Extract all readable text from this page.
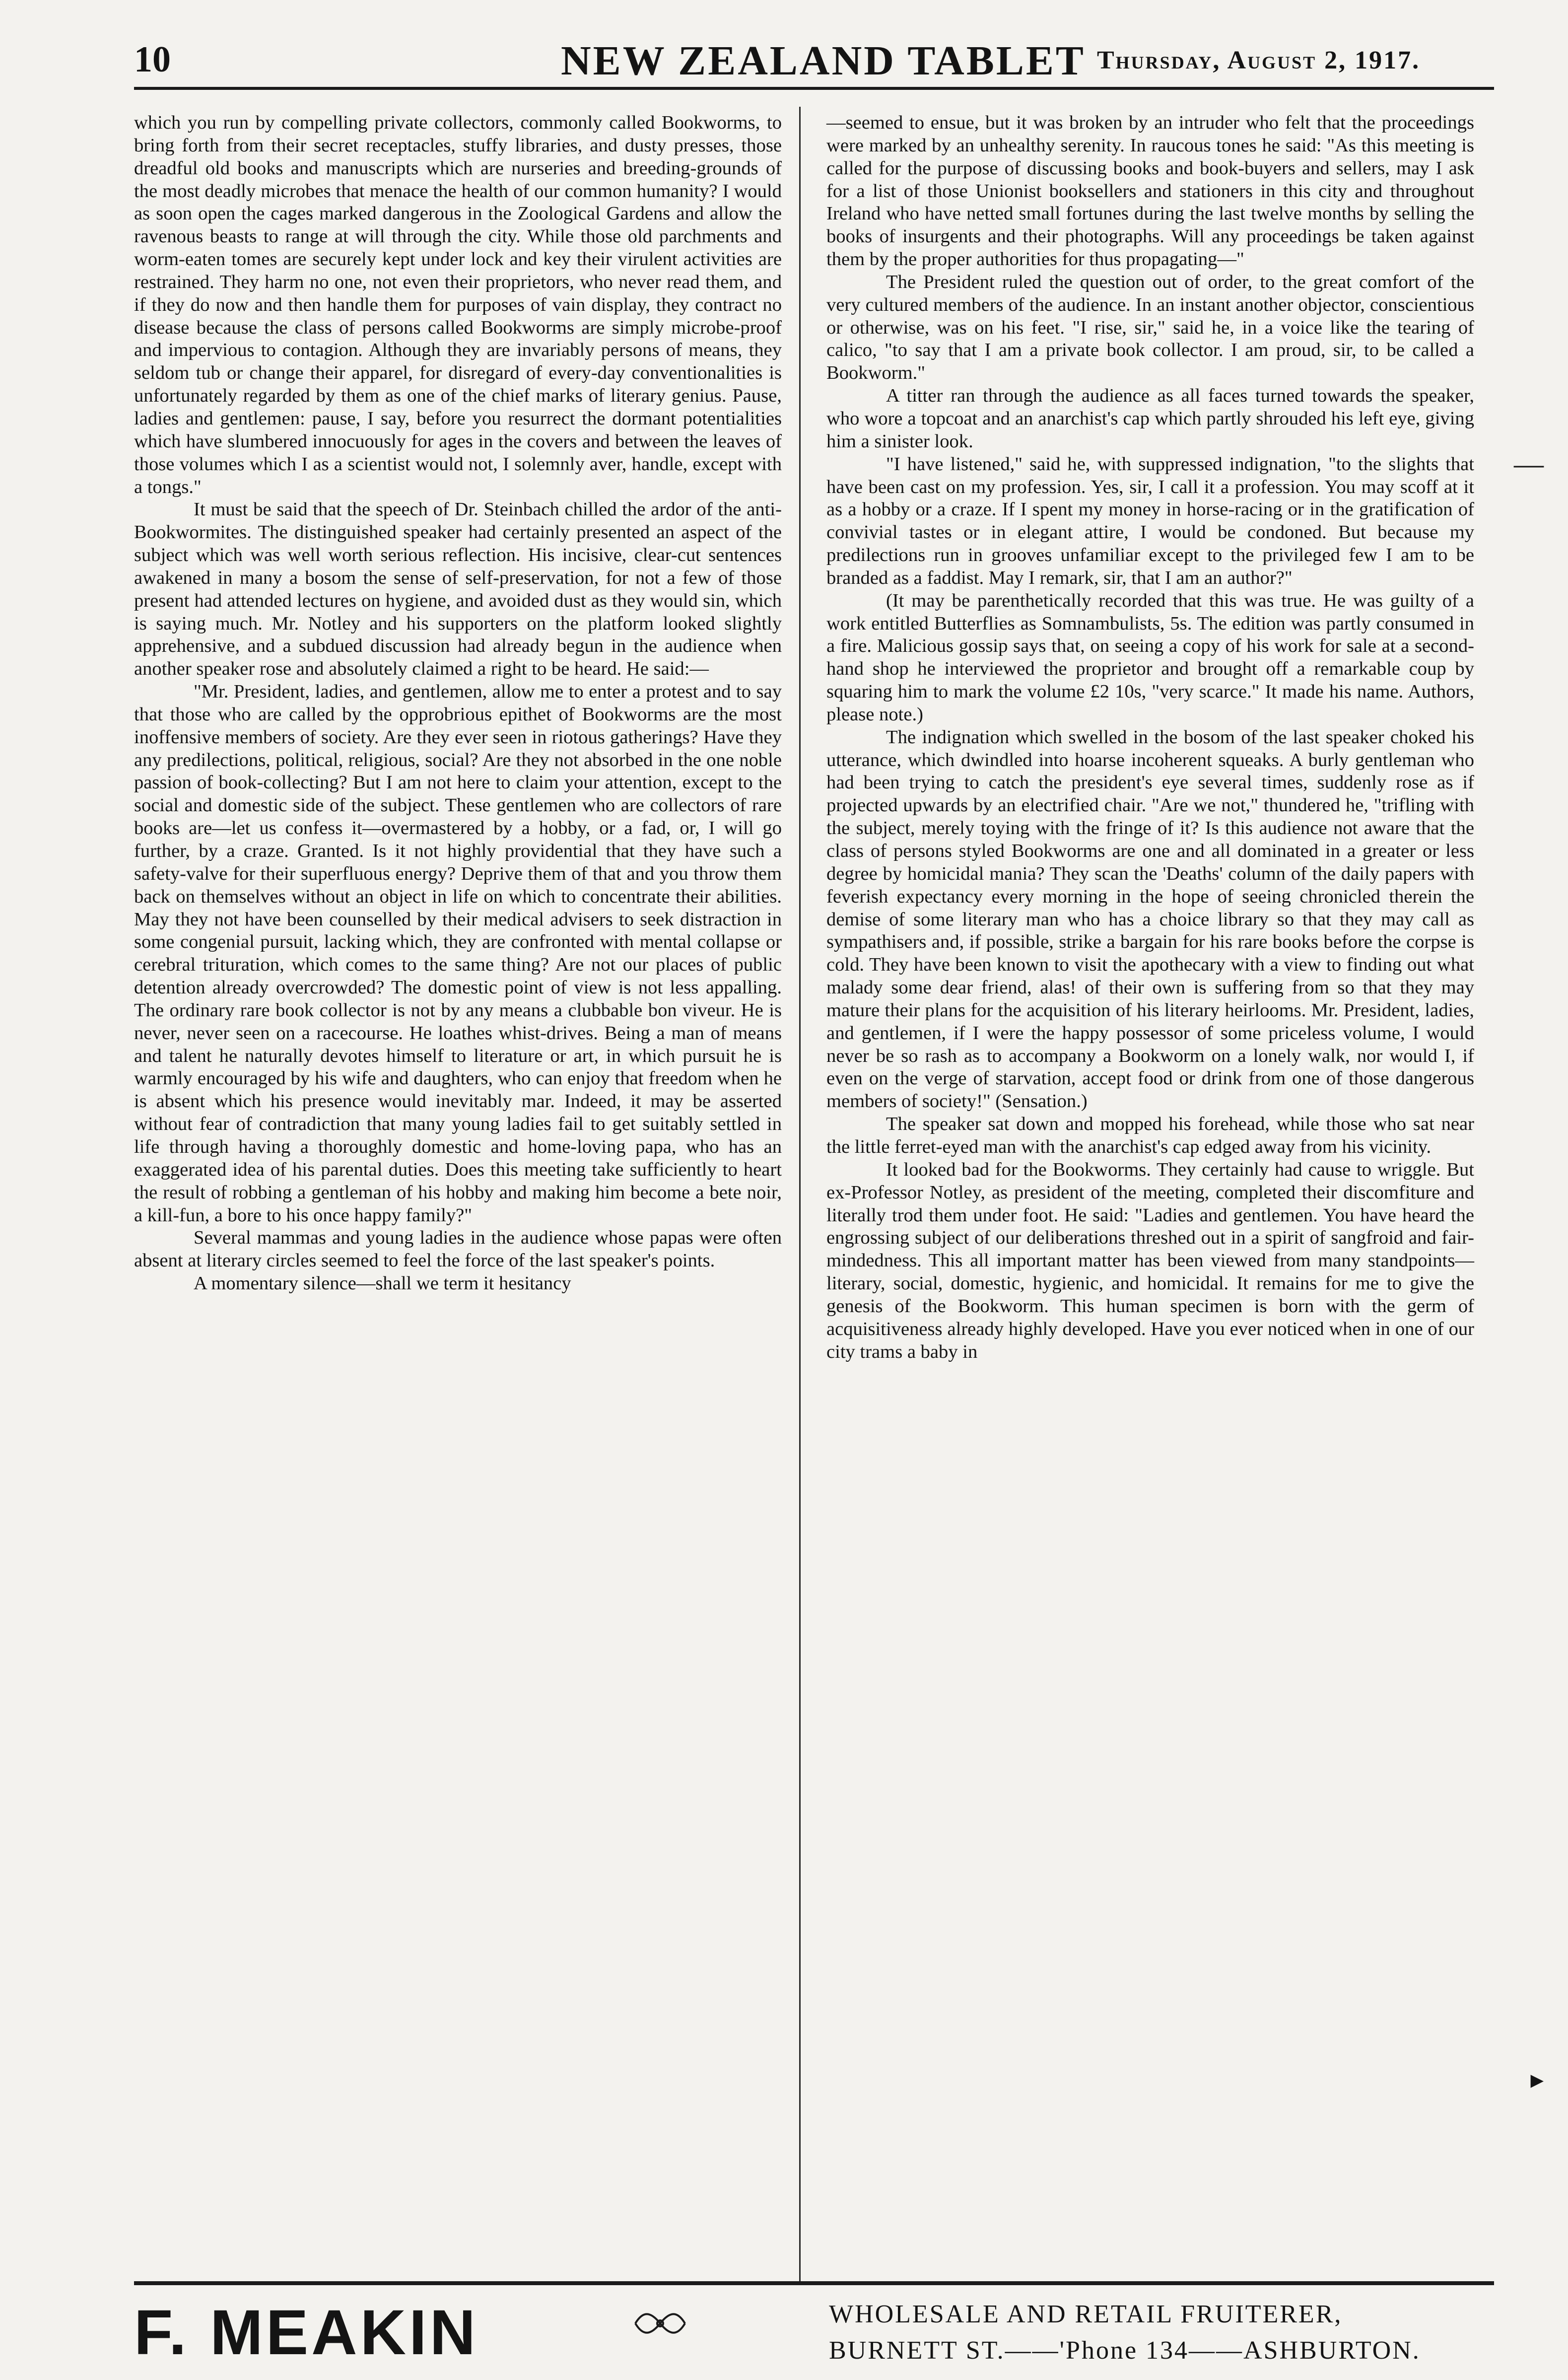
10	NEW ZEALAND TABLET Thursday, August 2, 1917.

which you run by compelling private collectors, commonly called Bookworms, to bring forth from their secret receptacles, stuffy libraries, and dusty presses, those dreadful old books and manuscripts which are nurseries and breeding-grounds of the most deadly microbes that menace the health of our common humanity? I would as soon open the cages marked dangerous in the Zoological Gardens and allow the ravenous beasts to range at will through the city. While those old parchments and worm-eaten tomes are securely kept under lock and key their virulent activities are restrained. They harm no one, not even their proprietors, who never read them, and if they do now and then handle them for purposes of vain display, they contract no disease because the class of persons called Bookworms are simply microbe-proof and impervious to contagion. Although they are invariably persons of means, they seldom tub or change their apparel, for disregard of every-day conventionalities is unfortunately regarded by them as one of the chief marks of literary genius. Pause, ladies and gentlemen: pause, I say, before you resurrect the dormant potentialities which have slumbered innocuously for ages in the covers and between the leaves of those volumes which I as a scientist would not, I solemnly aver, handle, except with a tongs."

It must be said that the speech of Dr. Steinbach chilled the ardor of the anti-Bookwormites. The distinguished speaker had certainly presented an aspect of the subject which was well worth serious reflection. His incisive, clear-cut sentences awakened in many a bosom the sense of self-preservation, for not a few of those present had attended lectures on hygiene, and avoided dust as they would sin, which is saying much. Mr. Notley and his supporters on the platform looked slightly apprehensive, and a subdued discussion had already begun in the audience when another speaker rose and absolutely claimed a right to be heard. He said:—

"Mr. President, ladies, and gentlemen, allow me to enter a protest and to say that those who are called by the opprobrious epithet of Bookworms are the most inoffensive members of society. Are they ever seen in riotous gatherings? Have they any predilections, political, religious, social? Are they not absorbed in the one noble passion of book-collecting? But I am not here to claim your attention, except to the social and domestic side of the subject. These gentlemen who are collectors of rare books are—let us confess it—overmastered by a hobby, or a fad, or, I will go further, by a craze. Granted. Is it not highly providential that they have such a safety-valve for their superfluous energy? Deprive them of that and you throw them back on themselves without an object in life on which to concentrate their abilities. May they not have been counselled by their medical advisers to seek distraction in some congenial pursuit, lacking which, they are confronted with mental collapse or cerebral trituration, which comes to the same thing? Are not our places of public detention already overcrowded? The domestic point of view is not less appalling. The ordinary rare book collector is not by any means a clubbable bon viveur. He is never, never seen on a racecourse. He loathes whist-drives. Being a man of means and talent he naturally devotes himself to literature or art, in which pursuit he is warmly encouraged by his wife and daughters, who can enjoy that freedom when he is absent which his presence would inevitably mar. Indeed, it may be asserted without fear of contradiction that many young ladies fail to get suitably settled in life through having a thoroughly domestic and home-loving papa, who has an exaggerated idea of his parental duties. Does this meeting take sufficiently to heart the result of robbing a gentleman of his hobby and making him become a bete noir, a kill-fun, a bore to his once happy family?"

Several mammas and young ladies in the audience whose papas were often absent at literary circles seemed to feel the force of the last speaker's points.

A momentary silence—shall we term it hesitancy

—seemed to ensue, but it was broken by an intruder who felt that the proceedings were marked by an unhealthy serenity. In raucous tones he said: "As this meeting is called for the purpose of discussing books and book-buyers and sellers, may I ask for a list of those Unionist booksellers and stationers in this city and throughout Ireland who have netted small fortunes during the last twelve months by selling the books of insurgents and their photographs. Will any proceedings be taken against them by the proper authorities for thus propagating—"

The President ruled the question out of order, to the great comfort of the very cultured members of the audience. In an instant another objector, conscientious or otherwise, was on his feet. "I rise, sir," said he, in a voice like the tearing of calico, "to say that I am a private book collector. I am proud, sir, to be called a Bookworm."

A titter ran through the audience as all faces turned towards the speaker, who wore a topcoat and an anarchist's cap which partly shrouded his left eye, giving him a sinister look.

"I have listened," said he, with suppressed indignation, "to the slights that have been cast on my profession. Yes, sir, I call it a profession. You may scoff at it as a hobby or a craze. If I spent my money in horse-racing or in the gratification of convivial tastes or in elegant attire, I would be condoned. But because my predilections run in grooves unfamiliar except to the privileged few I am to be branded as a faddist. May I remark, sir, that I am an author?"

(It may be parenthetically recorded that this was true. He was guilty of a work entitled Butterflies as Somnambulists, 5s. The edition was partly consumed in a fire. Malicious gossip says that, on seeing a copy of his work for sale at a second-hand shop he interviewed the proprietor and brought off a remarkable coup by squaring him to mark the volume £2 10s, "very scarce." It made his name. Authors, please note.)

The indignation which swelled in the bosom of the last speaker choked his utterance, which dwindled into hoarse incoherent squeaks. A burly gentleman who had been trying to catch the president's eye several times, suddenly rose as if projected upwards by an electrified chair. "Are we not," thundered he, "trifling with the subject, merely toying with the fringe of it? Is this audience not aware that the class of persons styled Bookworms are one and all dominated in a greater or less degree by homicidal mania? They scan the 'Deaths' column of the daily papers with feverish expectancy every morning in the hope of seeing chronicled therein the demise of some literary man who has a choice library so that they may call as sympathisers and, if possible, strike a bargain for his rare books before the corpse is cold. They have been known to visit the apothecary with a view to finding out what malady some dear friend, alas! of their own is suffering from so that they may mature their plans for the acquisition of his literary heirlooms. Mr. President, ladies, and gentlemen, if I were the happy possessor of some priceless volume, I would never be so rash as to accompany a Bookworm on a lonely walk, nor would I, if even on the verge of starvation, accept food or drink from one of those dangerous members of society!" (Sensation.)

The speaker sat down and mopped his forehead, while those who sat near the little ferret-eyed man with the anarchist's cap edged away from his vicinity.

It looked bad for the Bookworms. They certainly had cause to wriggle. But ex-Professor Notley, as president of the meeting, completed their discomfiture and literally trod them under foot. He said: "Ladies and gentlemen. You have heard the engrossing subject of our deliberations threshed out in a spirit of sangfroid and fair-mindedness. This all important matter has been viewed from many standpoints—literary, social, domestic, hygienic, and homicidal. It remains for me to give the genesis of the Bookworm. This human specimen is born with the germ of acquisitiveness already highly developed. Have you ever noticed when in one of our city trams a baby in

—
►
F. MEAKIN	WHOLESALE AND RETAIL FRUITERER,
BURNETT ST.——'Phone 134——ASHBURTON.
